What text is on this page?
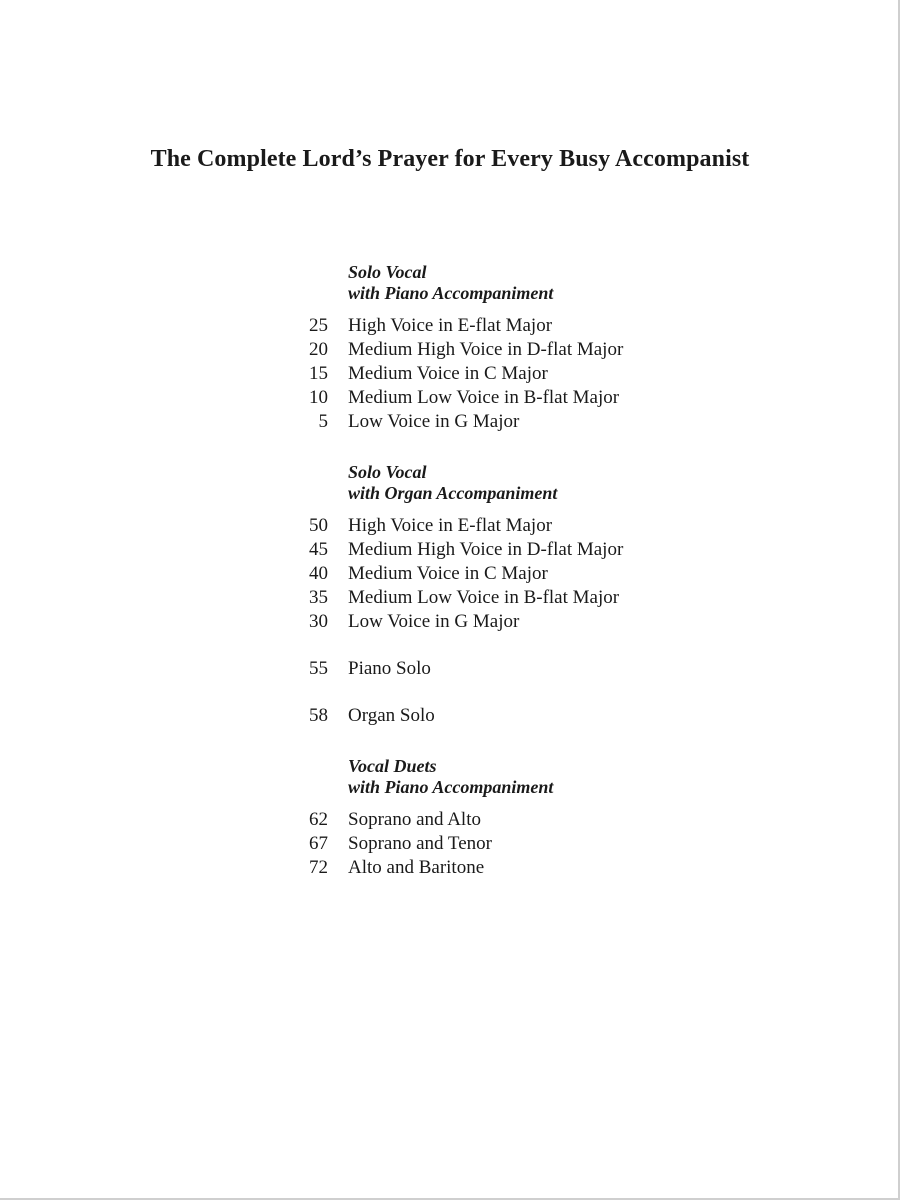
The Complete Lord’s Prayer for Every Busy Accompanist
Solo Vocal
with Piano Accompaniment
25 High Voice in E-flat Major
20 Medium High Voice in D-flat Major
15 Medium Voice in C Major
10 Medium Low Voice in B-flat Major
5 Low Voice in G Major
Solo Vocal
with Organ Accompaniment
50 High Voice in E-flat Major
45 Medium High Voice in D-flat Major
40 Medium Voice in C Major
35 Medium Low Voice in B-flat Major
30 Low Voice in G Major
55 Piano Solo
58 Organ Solo
Vocal Duets
with Piano Accompaniment
62 Soprano and Alto
67 Soprano and Tenor
72 Alto and Baritone
